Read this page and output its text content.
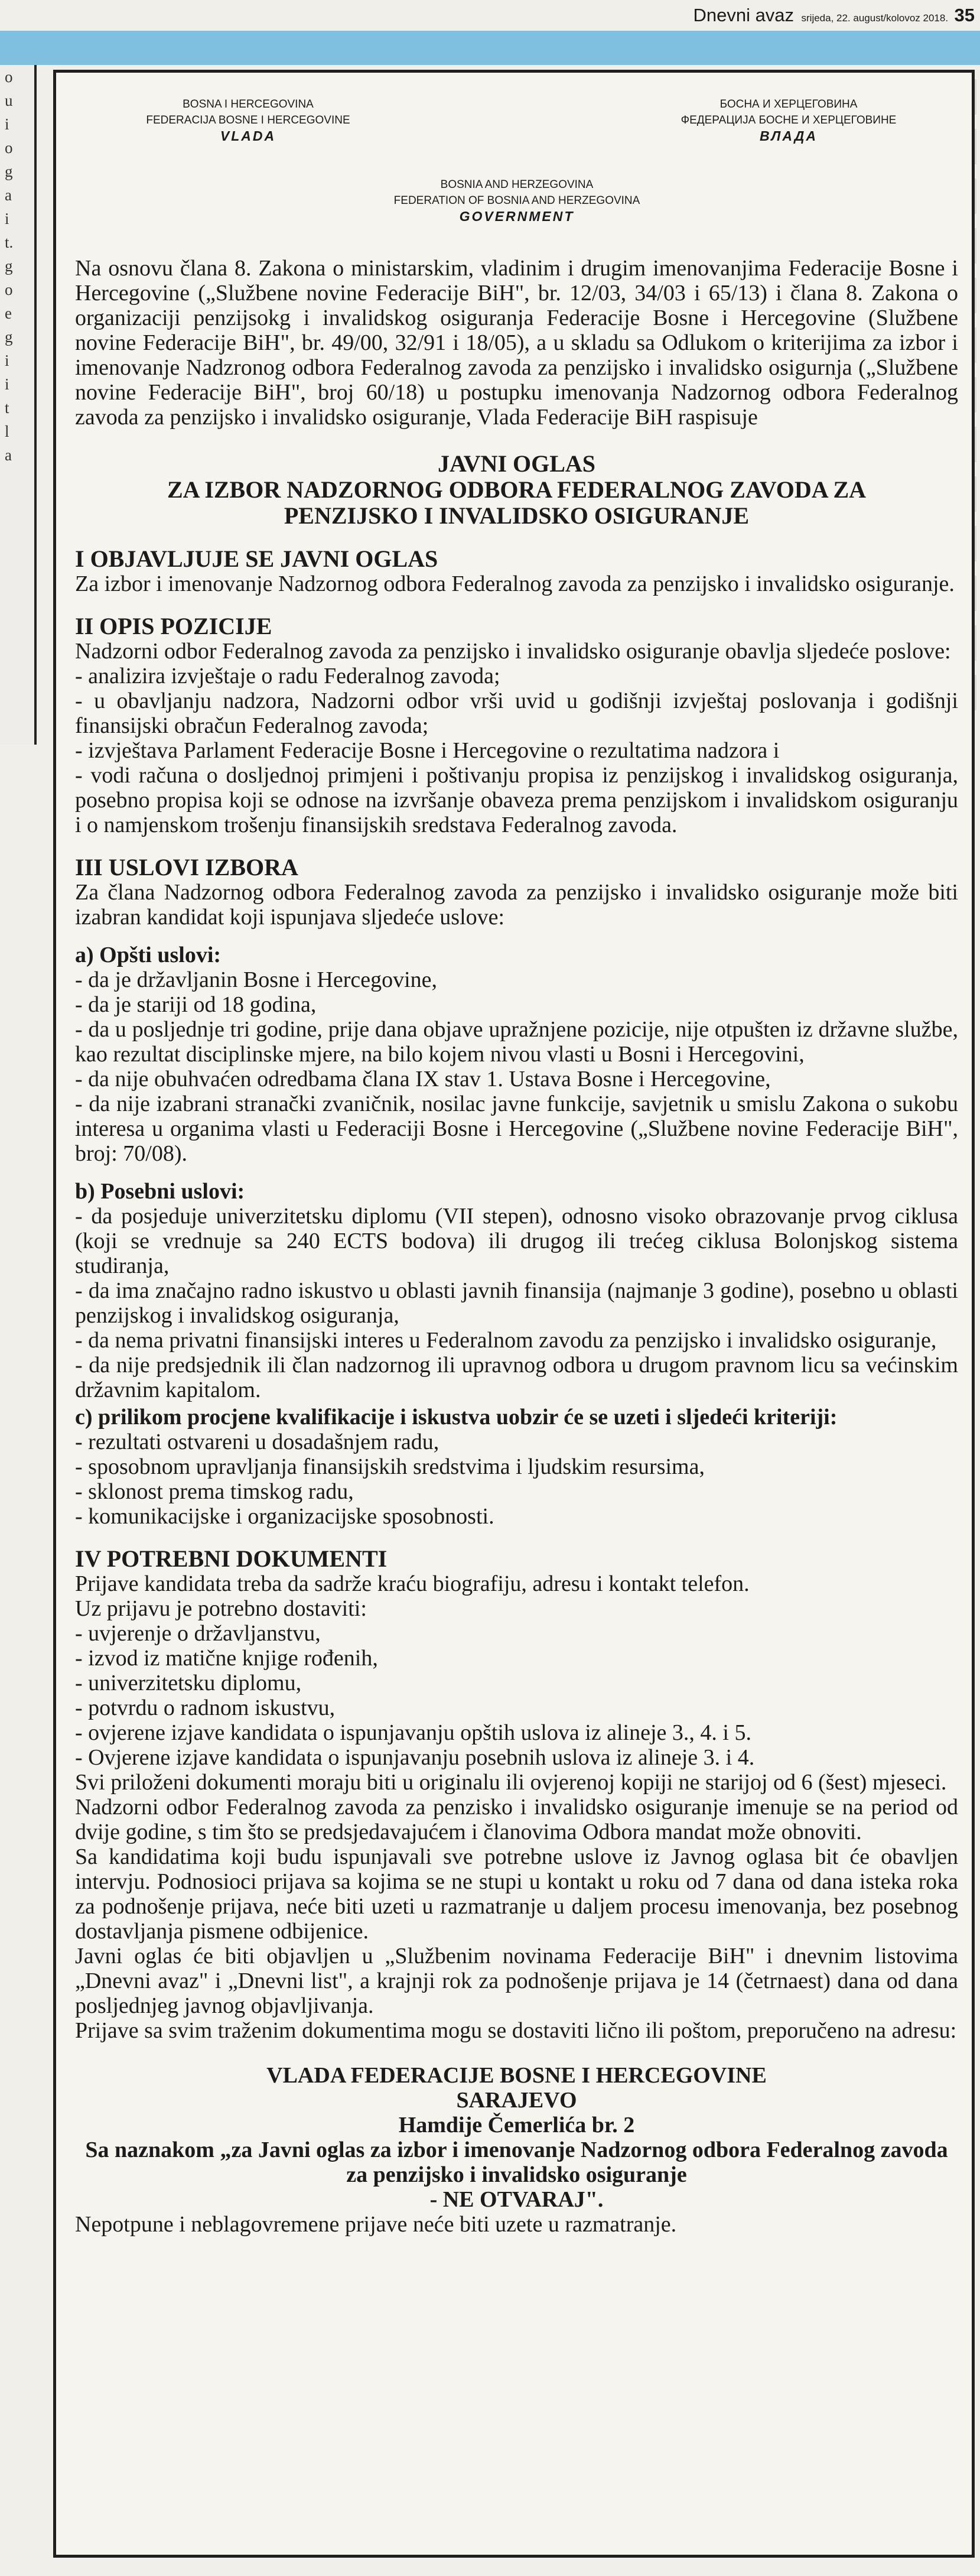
Dnevni avaz srijeda, 22. august/kolovoz 2018. 35
o
u
i
o
g
a
i
t.
g
o
e
g
i
i
t
l
a
BOSNA I HERCEGOVINA
FEDERACIJA BOSNE I HERCEGOVINE
VLADA
БОСНА И ХЕРЦЕГОВИНА
ФЕДЕРАЦИЈА БОСНЕ И ХЕРЦЕГОВИНЕ
ВЛАДА
BOSNIA AND HERZEGOVINA
FEDERATION OF BOSNIA AND HERZEGOVINA
GOVERNMENT

Na osnovu člana 8. Zakona o ministarskim, vladinim i drugim imenovanjima Federacije Bosne i Hercegovine („Službene novine Federacije BiH", br. 12/03, 34/03 i 65/13) i člana 8. Zakona o organizaciji penzijsokg i invalidskog osiguranja Federacije Bosne i Hercegovine (Službene novine Federacije BiH", br. 49/00, 32/91 i 18/05), a u skladu sa Odlukom o kriterijima za izbor i imenovanje Nadzronog odbora Federalnog zavoda za penzijsko i invalidsko osigurnja („Službene novine Federacije BiH", broj 60/18) u postupku imenovanja Nadzornog odbora Federalnog zavoda za penzijsko i invalidsko osiguranje, Vlada Federacije BiH raspisuje

JAVNI OGLAS
ZA IZBOR NADZORNOG ODBORA FEDERALNOG ZAVODA ZA
PENZIJSKO I INVALIDSKO OSIGURANJE
I OBJAVLJUJE SE JAVNI OGLAS

Za izbor i imenovanje Nadzornog odbora Federalnog zavoda za penzijsko i invalidsko osiguranje.

II OPIS POZICIJE

Nadzorni odbor Federalnog zavoda za penzijsko i invalidsko osiguranje obavlja sljedeće poslove:

- analizira izvještaje o radu Federalnog zavoda;

- u obavljanju nadzora, Nadzorni odbor vrši uvid u godišnji izvještaj poslovanja i godišnji finansijski obračun Federalnog zavoda;

- izvještava Parlament Federacije Bosne i Hercegovine o rezultatima nadzora i

- vodi računa o dosljednoj primjeni i poštivanju propisa iz penzijskog i invalidskog osiguranja, posebno propisa koji se odnose na izvršanje obaveza prema penzijskom i invalidskom osiguranju i o namjenskom trošenju finansijskih sredstava Federalnog zavoda.

III USLOVI IZBORA

Za člana Nadzornog odbora Federalnog zavoda za penzijsko i invalidsko osiguranje može biti izabran kandidat koji ispunjava sljedeće uslove:

a) Opšti uslovi:

- da je državljanin Bosne i Hercegovine,

- da je stariji od 18 godina,

- da u posljednje tri godine, prije dana objave upražnjene pozicije, nije otpušten iz državne službe, kao rezultat disciplinske mjere, na bilo kojem nivou vlasti u Bosni i Hercegovini,

- da nije obuhvaćen odredbama člana IX stav 1. Ustava Bosne i Hercegovine,

- da nije izabrani stranački zvaničnik, nosilac javne funkcije, savjetnik u smislu Zakona o sukobu interesa u organima vlasti u Federaciji Bosne i Hercegovine („Službene novine Federacije BiH", broj: 70/08).

b) Posebni uslovi:

- da posjeduje univerzitetsku diplomu (VII stepen), odnosno visoko obrazovanje prvog ciklusa (koji se vrednuje sa 240 ECTS bodova) ili drugog ili trećeg ciklusa Bolonjskog sistema studiranja,

- da ima značajno radno iskustvo u oblasti javnih finansija (najmanje 3 godine), posebno u oblasti penzijskog i invalidskog osiguranja,

- da nema privatni finansijski interes u Federalnom zavodu za penzijsko i invalidsko osiguranje,

- da nije predsjednik ili član nadzornog ili upravnog odbora u drugom pravnom licu sa većinskim državnim kapitalom.

c) prilikom procjene kvalifikacije i iskustva uobzir će se uzeti i sljedeći kriteriji:

- rezultati ostvareni u dosadašnjem radu,

- sposobnom upravljanja finansijskih sredstvima i ljudskim resursima,

- sklonost prema timskog radu,

- komunikacijske i organizacijske sposobnosti.

IV POTREBNI DOKUMENTI

Prijave kandidata treba da sadrže kraću biografiju, adresu i kontakt telefon.

Uz prijavu je potrebno dostaviti:

- uvjerenje o državljanstvu,

- izvod iz matične knjige rođenih,

- univerzitetsku diplomu,

- potvrdu o radnom iskustvu,

- ovjerene izjave kandidata o ispunjavanju opštih uslova iz alineje 3., 4. i 5.

- Ovjerene izjave kandidata o ispunjavanju posebnih uslova iz alineje 3. i 4.

Svi priloženi dokumenti moraju biti u originalu ili ovjerenoj kopiji ne starijoj od 6 (šest) mjeseci.

Nadzorni odbor Federalnog zavoda za penzisko i invalidsko osiguranje imenuje se na period od dvije godine, s tim što se predsjedavajućem i članovima Odbora mandat može obnoviti.

Sa kandidatima koji budu ispunjavali sve potrebne uslove iz Javnog oglasa bit će obavljen intervju. Podnosioci prijava sa kojima se ne stupi u kontakt u roku od 7 dana od dana isteka roka za podnošenje prijava, neće biti uzeti u razmatranje u daljem procesu imenovanja, bez posebnog dostavljanja pismene odbijenice.

Javni oglas će biti objavljen u „Službenim novinama Federacije BiH" i dnevnim listovima „Dnevni avaz" i „Dnevni list", a krajnji rok za podnošenje prijava je 14 (četrnaest) dana od dana posljednjeg javnog objavljivanja.

Prijave sa svim traženim dokumentima mogu se dostaviti lično ili poštom, preporučeno na adresu:

VLADA FEDERACIJE BOSNE I HERCEGOVINE
SARAJEVO
Hamdije Čemerlića br. 2
Sa naznakom „za Javni oglas za izbor i imenovanje Nadzornog odbora Federalnog zavoda za penzijsko i invalidsko osiguranje
- NE OTVARAJ".

Nepotpune i neblagovremene prijave neće biti uzete u razmatranje.
